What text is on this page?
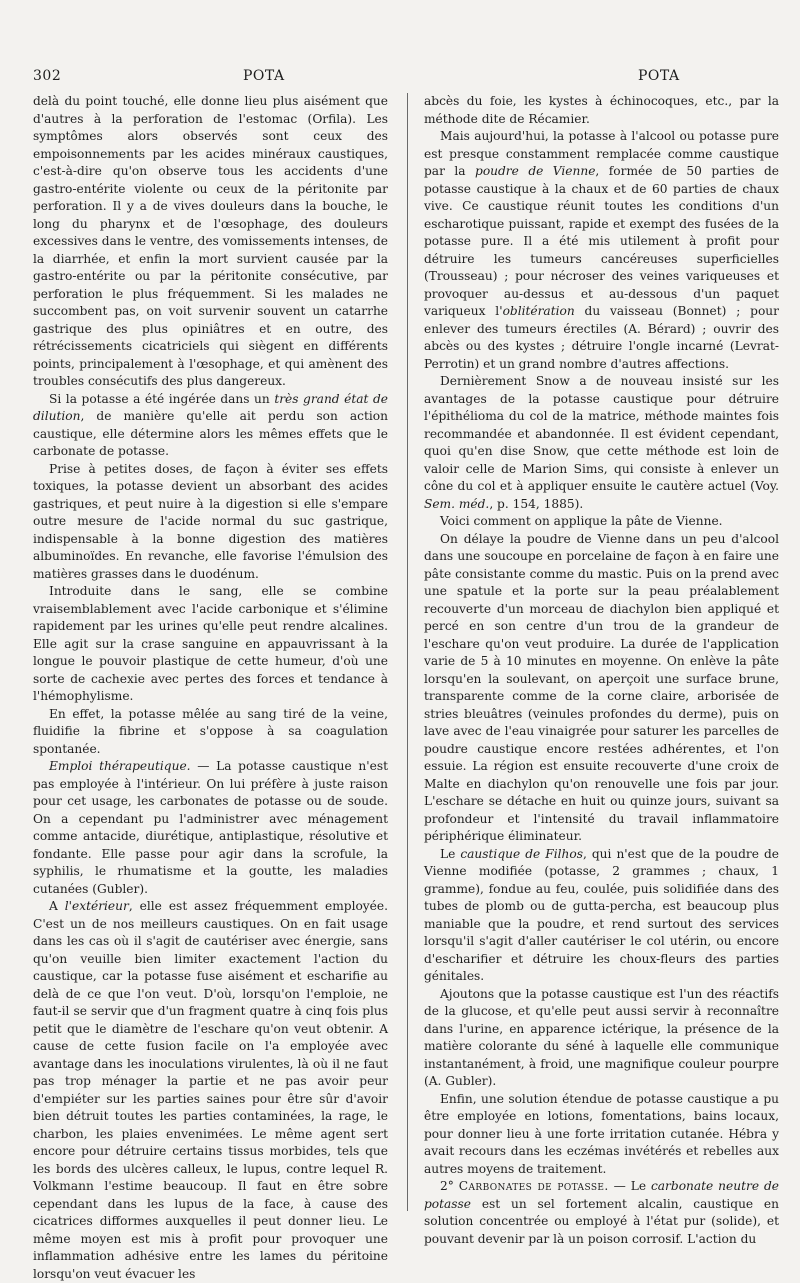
302	POTA	POTA

delà du point touché, elle donne lieu plus aisément que d'autres à la perforation de l'estomac (Orfila). Les symptômes alors observés sont ceux des empoisonnements par les acides minéraux caustiques, c'est-à-dire qu'on observe tous les accidents d'une gastro-entérite violente ou ceux de la péritonite par perforation. Il y a de vives douleurs dans la bouche, le long du pharynx et de l'œsophage, des douleurs excessives dans le ventre, des vomissements intenses, de la diarrhée, et enfin la mort survient causée par la gastro-entérite ou par la péritonite consécutive, par perforation le plus fréquemment. Si les malades ne succombent pas, on voit survenir souvent un catarrhe gastrique des plus opiniâtres et en outre, des rétrécissements cicatriciels qui siègent en différents points, principalement à l'œsophage, et qui amènent des troubles consécutifs des plus dangereux.

Si la potasse a été ingérée dans un très grand état de dilution, de manière qu'elle ait perdu son action caustique, elle détermine alors les mêmes effets que le carbonate de potasse.

Prise à petites doses, de façon à éviter ses effets toxiques, la potasse devient un absorbant des acides gastriques, et peut nuire à la digestion si elle s'empare outre mesure de l'acide normal du suc gastrique, indispensable à la bonne digestion des matières albuminoïdes. En revanche, elle favorise l'émulsion des matières grasses dans le duodénum.

Introduite dans le sang, elle se combine vraisemblablement avec l'acide carbonique et s'élimine rapidement par les urines qu'elle peut rendre alcalines. Elle agit sur la crase sanguine en appauvrissant à la longue le pouvoir plastique de cette humeur, d'où une sorte de cachexie avec pertes des forces et tendance à l'hémophylisme.

En effet, la potasse mêlée au sang tiré de la veine, fluidifie la fibrine et s'oppose à sa coagulation spontanée.

Emploi thérapeutique. — La potasse caustique n'est pas employée à l'intérieur. On lui préfère à juste raison pour cet usage, les carbonates de potasse ou de soude. On a cependant pu l'administrer avec ménagement comme antacide, diurétique, antiplastique, résolutive et fondante. Elle passe pour agir dans la scrofule, la syphilis, le rhumatisme et la goutte, les maladies cutanées (Gubler).

A l'extérieur, elle est assez fréquemment employée. C'est un de nos meilleurs caustiques. On en fait usage dans les cas où il s'agit de cautériser avec énergie, sans qu'on veuille bien limiter exactement l'action du caustique, car la potasse fuse aisément et escharifie au delà de ce que l'on veut. D'où, lorsqu'on l'emploie, ne faut-il se servir que d'un fragment quatre à cinq fois plus petit que le diamètre de l'eschare qu'on veut obtenir. A cause de cette fusion facile on l'a employée avec avantage dans les inoculations virulentes, là où il ne faut pas trop ménager la partie et ne pas avoir peur d'empiéter sur les parties saines pour être sûr d'avoir bien détruit toutes les parties contaminées, la rage, le charbon, les plaies envenimées. Le même agent sert encore pour détruire certains tissus morbides, tels que les bords des ulcères calleux, le lupus, contre lequel R. Volkmann l'estime beaucoup. Il faut en être sobre cependant dans les lupus de la face, à cause des cicatrices difformes auxquelles il peut donner lieu. Le même moyen est mis à profit pour provoquer une inflammation adhésive entre les lames du péritoine lorsqu'on veut évacuer les

abcès du foie, les kystes à échinocoques, etc., par la méthode dite de Récamier.

Mais aujourd'hui, la potasse à l'alcool ou potasse pure est presque constamment remplacée comme caustique par la poudre de Vienne, formée de 50 parties de potasse caustique à la chaux et de 60 parties de chaux vive. Ce caustique réunit toutes les conditions d'un escharotique puissant, rapide et exempt des fusées de la potasse pure. Il a été mis utilement à profit pour détruire les tumeurs cancéreuses superficielles (Trousseau) ; pour nécroser des veines variqueuses et provoquer au-dessus et au-dessous d'un paquet variqueux l'oblitération du vaisseau (Bonnet) ; pour enlever des tumeurs érectiles (A. Bérard) ; ouvrir des abcès ou des kystes ; détruire l'ongle incarné (Levrat-Perrotin) et un grand nombre d'autres affections.

Dernièrement Snow a de nouveau insisté sur les avantages de la potasse caustique pour détruire l'épithélioma du col de la matrice, méthode maintes fois recommandée et abandonnée. Il est évident cependant, quoi qu'en dise Snow, que cette méthode est loin de valoir celle de Marion Sims, qui consiste à enlever un cône du col et à appliquer ensuite le cautère actuel (Voy. Sem. méd., p. 154, 1885).

Voici comment on applique la pâte de Vienne.

On délaye la poudre de Vienne dans un peu d'alcool dans une soucoupe en porcelaine de façon à en faire une pâte consistante comme du mastic. Puis on la prend avec une spatule et la porte sur la peau préalablement recouverte d'un morceau de diachylon bien appliqué et percé en son centre d'un trou de la grandeur de l'eschare qu'on veut produire. La durée de l'application varie de 5 à 10 minutes en moyenne. On enlève la pâte lorsqu'en la soulevant, on aperçoit une surface brune, transparente comme de la corne claire, arborisée de stries bleuâtres (veinules profondes du derme), puis on lave avec de l'eau vinaigrée pour saturer les parcelles de poudre caustique encore restées adhérentes, et l'on essuie. La région est ensuite recouverte d'une croix de Malte en diachylon qu'on renouvelle une fois par jour. L'eschare se détache en huit ou quinze jours, suivant sa profondeur et l'intensité du travail inflammatoire périphérique éliminateur.

Le caustique de Filhos, qui n'est que de la poudre de Vienne modifiée (potasse, 2 grammes ; chaux, 1 gramme), fondue au feu, coulée, puis solidifiée dans des tubes de plomb ou de gutta-percha, est beaucoup plus maniable que la poudre, et rend surtout des services lorsqu'il s'agit d'aller cautériser le col utérin, ou encore d'escharifier et détruire les choux-fleurs des parties génitales.

Ajoutons que la potasse caustique est l'un des réactifs de la glucose, et qu'elle peut aussi servir à reconnaître dans l'urine, en apparence ictérique, la présence de la matière colorante du séné à laquelle elle communique instantanément, à froid, une magnifique couleur pourpre (A. Gubler).

Enfin, une solution étendue de potasse caustique a pu être employée en lotions, fomentations, bains locaux, pour donner lieu à une forte irritation cutanée. Hébra y avait recours dans les eczémas invétérés et rebelles aux autres moyens de traitement.

2° Carbonates de potasse. — Le carbonate neutre de potasse est un sel fortement alcalin, caustique en solution concentrée ou employé à l'état pur (solide), et pouvant devenir par là un poison corrosif. L'action du
